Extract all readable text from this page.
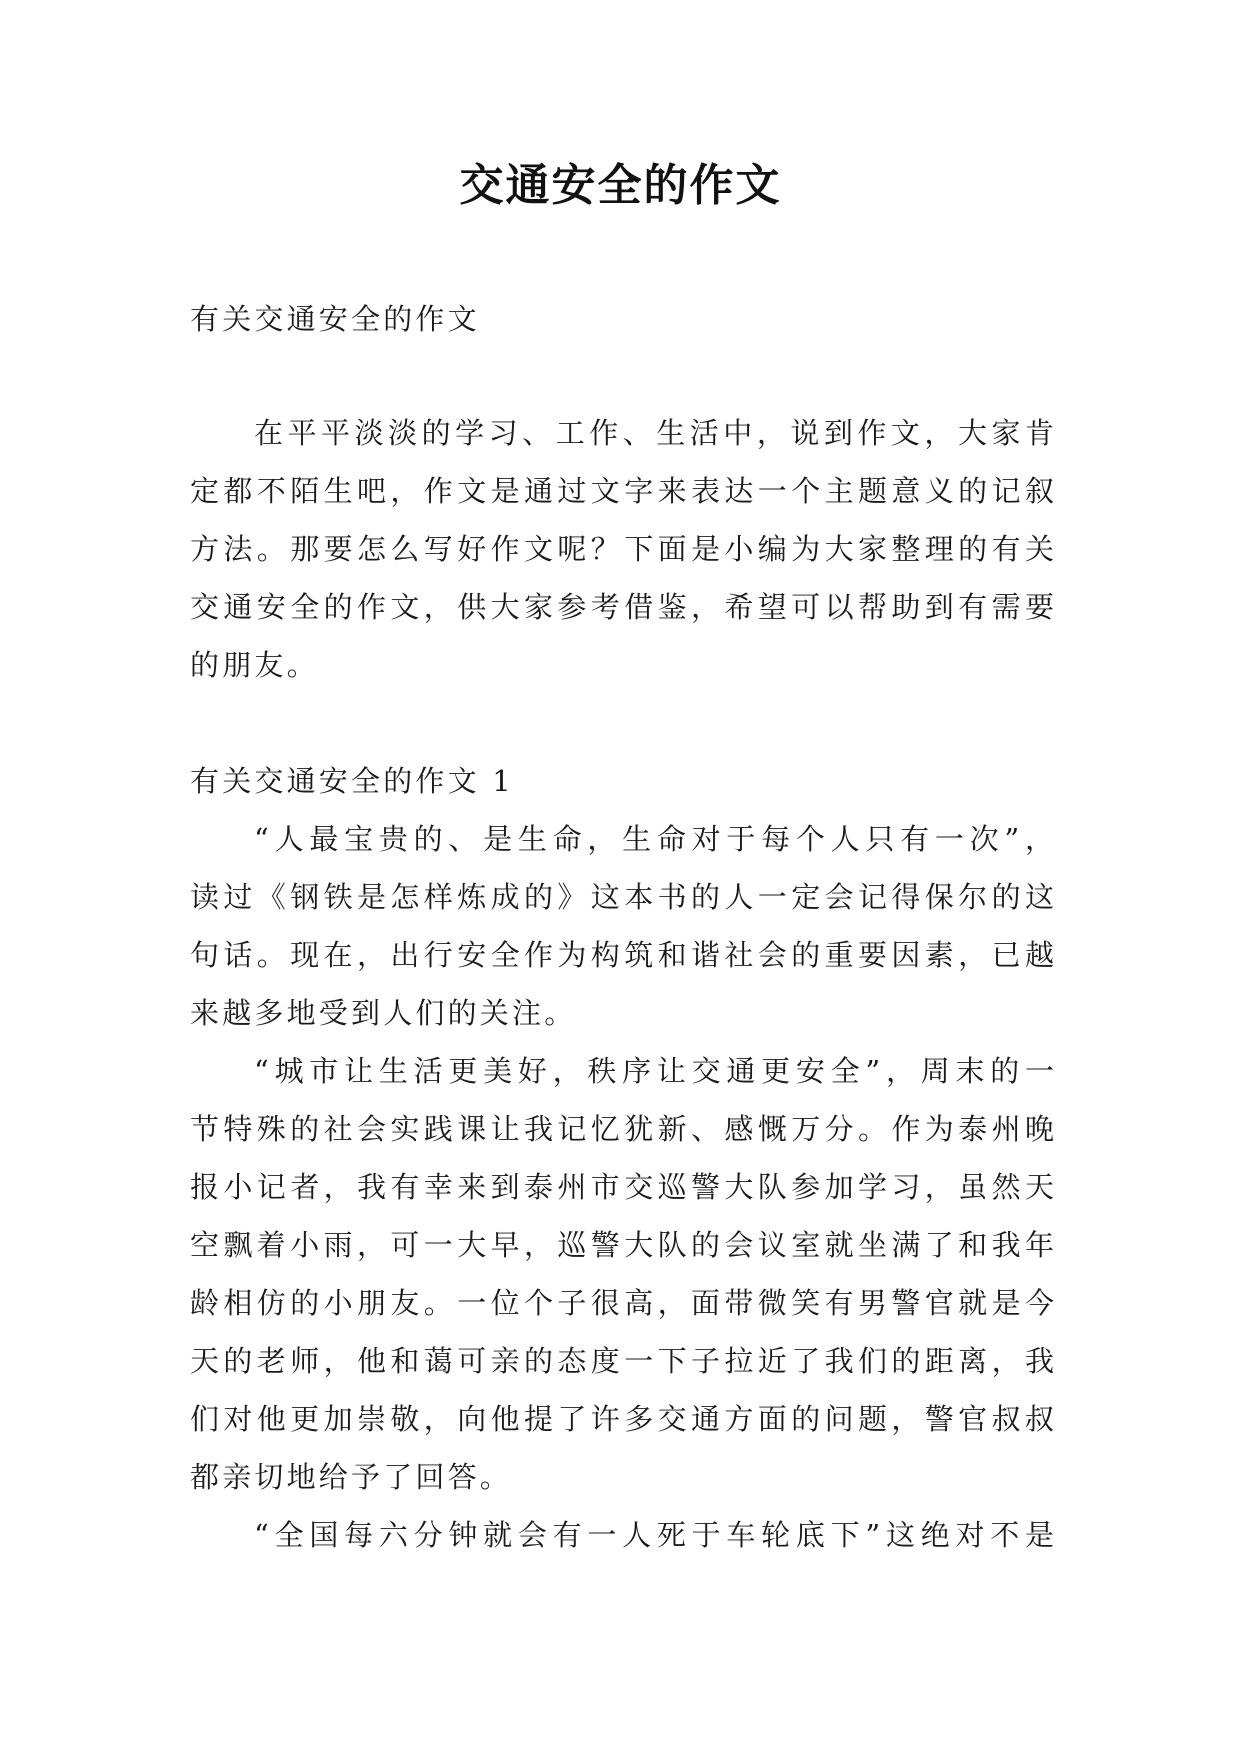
交通安全的作文
有关交通安全的作文
在平平淡淡的学习、工作、生活中，说到作文，大家肯
定都不陌生吧，作文是通过文字来表达一个主题意义的记叙
方法。那要怎么写好作文呢？下面是小编为大家整理的有关
交通安全的作文，供大家参考借鉴，希望可以帮助到有需要
的朋友。
有关交通安全的作文 1
“人最宝贵的、是生命，生命对于每个人只有一次”，
读过《钢铁是怎样炼成的》这本书的人一定会记得保尔的这
句话。现在，出行安全作为构筑和谐社会的重要因素，已越
来越多地受到人们的关注。
“城市让生活更美好，秩序让交通更安全”，周末的一
节特殊的社会实践课让我记忆犹新、感慨万分。作为泰州晚
报小记者，我有幸来到泰州市交巡警大队参加学习，虽然天
空飘着小雨，可一大早，巡警大队的会议室就坐满了和我年
龄相仿的小朋友。一位个子很高，面带微笑有男警官就是今
天的老师，他和蔼可亲的态度一下子拉近了我们的距离，我
们对他更加崇敬，向他提了许多交通方面的问题，警官叔叔
都亲切地给予了回答。
“全国每六分钟就会有一人死于车轮底下”这绝对不是
